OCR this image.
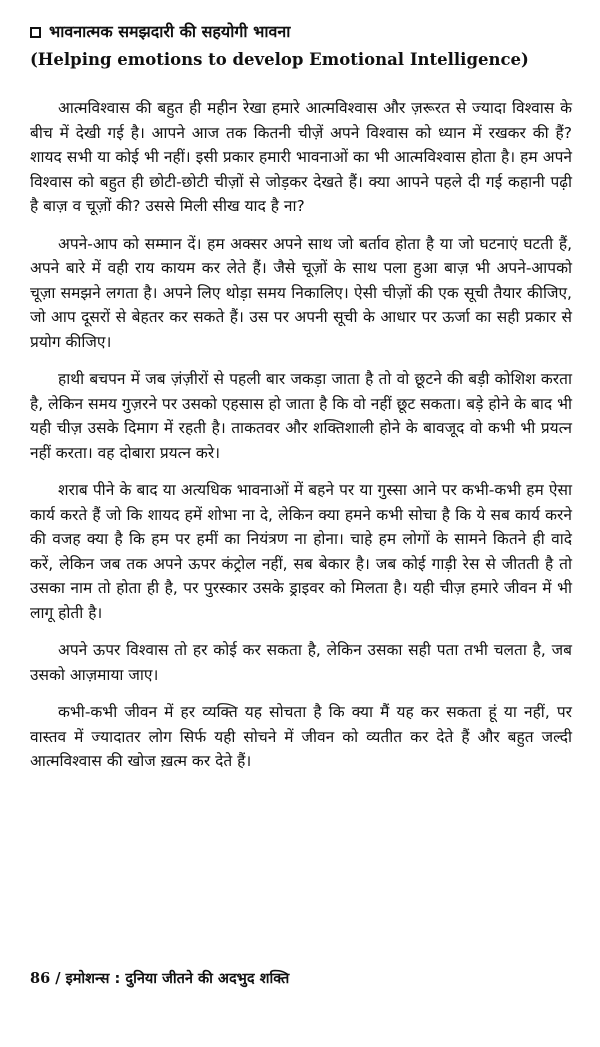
भावनात्मक समझदारी की सहयोगी भावना
(Helping emotions to develop Emotional Intelligence)

आत्मविश्वास की बहुत ही महीन रेखा हमारे आत्मविश्वास और ज़रूरत से ज्यादा विश्वास के बीच में देखी गई है। आपने आज तक कितनी चीज़ें अपने विश्वास को ध्यान में रखकर की हैं? शायद सभी या कोई भी नहीं। इसी प्रकार हमारी भावनाओं का भी आत्मविश्वास होता है। हम अपने विश्वास को बहुत ही छोटी-छोटी चीज़ों से जोड़कर देखते हैं। क्या आपने पहले दी गई कहानी पढ़ी है बाज़ व चूज़ों की? उससे मिली सीख याद है ना?

अपने-आप को सम्मान दें। हम अक्सर अपने साथ जो बर्ताव होता है या जो घटनाएं घटती हैं, अपने बारे में वही राय कायम कर लेते हैं। जैसे चूज़ों के साथ पला हुआ बाज़ भी अपने-आपको चूज़ा समझने लगता है। अपने लिए थोड़ा समय निकालिए। ऐसी चीज़ों की एक सूची तैयार कीजिए, जो आप दूसरों से बेहतर कर सकते हैं। उस पर अपनी सूची के आधार पर ऊर्जा का सही प्रकार से प्रयोग कीजिए।

हाथी बचपन में जब ज़ंज़ीरों से पहली बार जकड़ा जाता है तो वो छूटने की बड़ी कोशिश करता है, लेकिन समय गुज़रने पर उसको एहसास हो जाता है कि वो नहीं छूट सकता। बड़े होने के बाद भी यही चीज़ उसके दिमाग में रहती है। ताकतवर और शक्तिशाली होने के बावजूद वो कभी भी प्रयत्न नहीं करता। वह दोबारा प्रयत्न करे।

शराब पीने के बाद या अत्यधिक भावनाओं में बहने पर या गुस्सा आने पर कभी-कभी हम ऐसा कार्य करते हैं जो कि शायद हमें शोभा ना दे, लेकिन क्या हमने कभी सोचा है कि ये सब कार्य करने की वजह क्या है कि हम पर हमीं का नियंत्रण ना होना। चाहे हम लोगों के सामने कितने ही वादे करें, लेकिन जब तक अपने ऊपर कंट्रोल नहीं, सब बेकार है। जब कोई गाड़ी रेस से जीतती है तो उसका नाम तो होता ही है, पर पुरस्कार उसके ड्राइवर को मिलता है। यही चीज़ हमारे जीवन में भी लागू होती है।

अपने ऊपर विश्वास तो हर कोई कर सकता है, लेकिन उसका सही पता तभी चलता है, जब उसको आज़माया जाए।

कभी-कभी जीवन में हर व्यक्ति यह सोचता है कि क्या मैं यह कर सकता हूं या नहीं, पर वास्तव में ज्यादातर लोग सिर्फ यही सोचने में जीवन को व्यतीत कर देते हैं और बहुत जल्दी आत्मविश्वास की खोज ख़त्म कर देते हैं।

86 / इमोशन्स : दुनिया जीतने की अदभुद शक्ति
